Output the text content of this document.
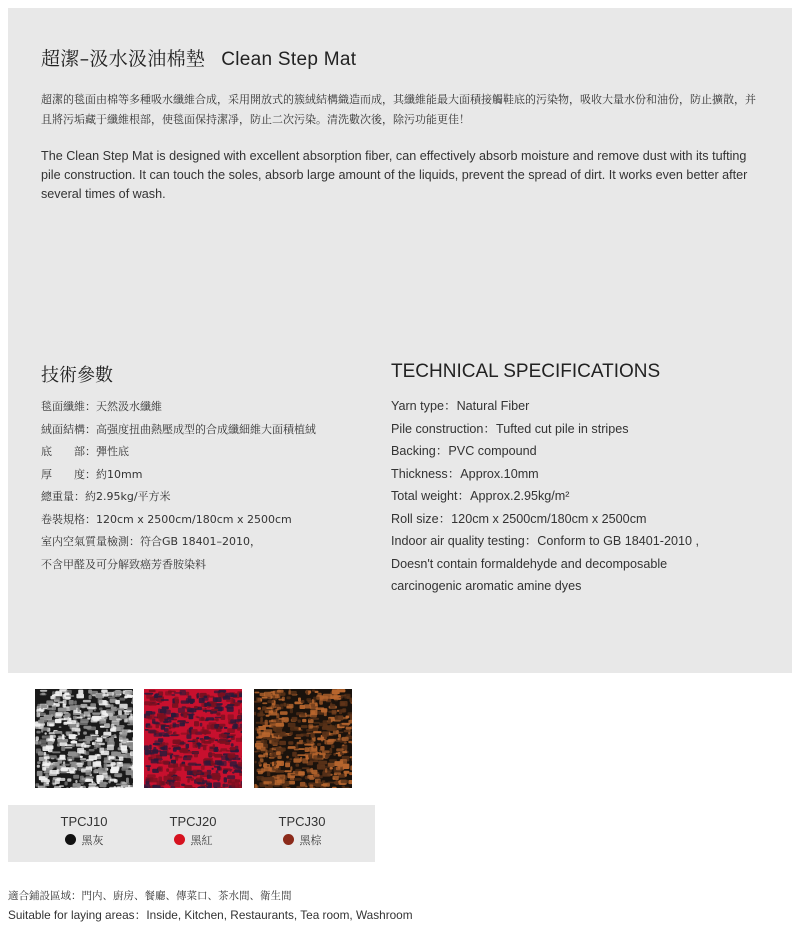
超潔–汲水汲油棉墊 Clean Step Mat

超潔的毯面由棉等多種吸水纖維合成，采用開放式的簇絨結構織造而成，其纖維能最大面積接觸鞋底的污染物，吸收大量水份和油份，防止擴散，并且將污垢藏于纖維根部，使毯面保持潔凈，防止二次污染。清洗數次後，除污功能更佳！

The Clean Step Mat is designed with excellent absorption fiber, can effectively absorb moisture and remove dust with its tufting pile construction. It can touch the soles, absorb large amount of the liquids, prevent the spread of dirt. It works even better after several times of wash.

技術參數	TECHNICAL SPECIFICATIONS
毯面纖維：天然汲水纖維
絨面結構：高强度扭曲熱壓成型的合成纖細維大面積植絨
底　　部：彈性底
厚　　度：約10mm
總重量：約2.95kg/平方米
卷裝規格：120cm x 2500cm/180cm x 2500cm
室内空氣質量檢測：符合GB 18401–2010，
不含甲醛及可分解致癌芳香胺染料
Yarn type：Natural Fiber
Pile construction：Tufted cut pile in stripes
Backing：PVC compound
Thickness：Approx.10mm
Total weight：Approx.2.95kg/m²
Roll size：120cm x 2500cm/180cm x 2500cm
Indoor air quality testing：Conform to GB 18401-2010 ,
Doesn't contain formaldehyde and decomposable
carcinogenic aromatic amine dyes
TPCJ10
黑灰
TPCJ20
黑紅
TPCJ30
黑棕
適合鋪設區域：門内、廚房、餐廳、傳菜口、茶水間、衛生間
Suitable for laying areas：Inside, Kitchen, Restaurants, Tea room, Washroom
